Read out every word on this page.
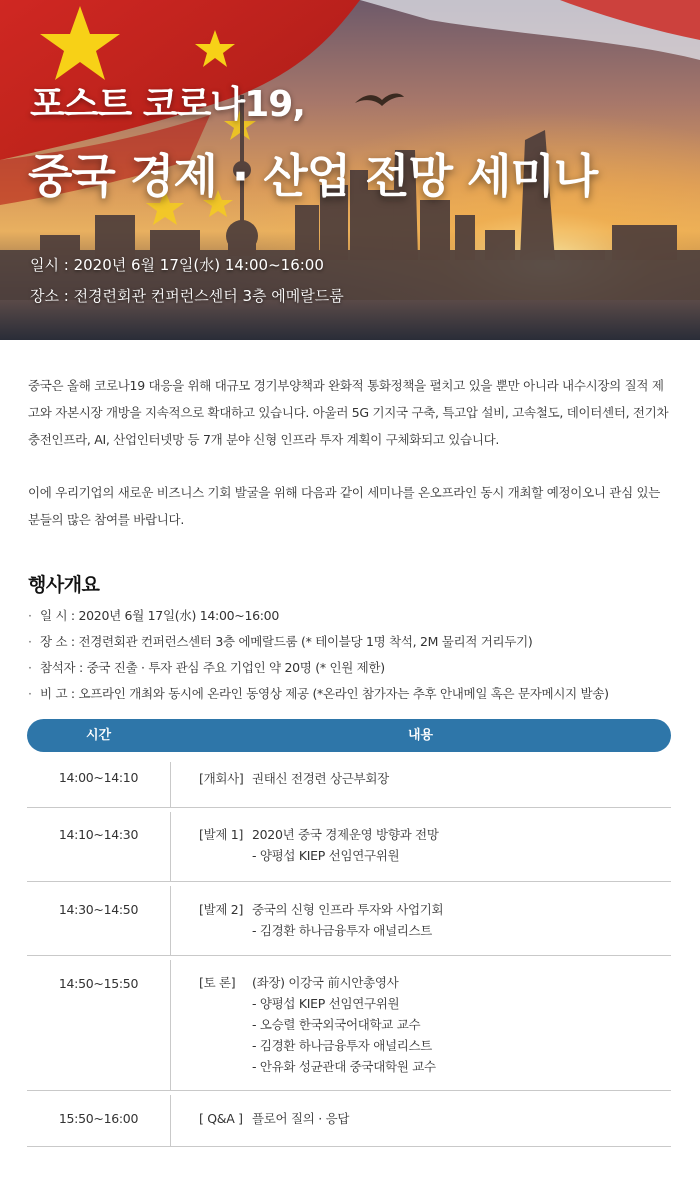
포스트 코로나19,
중국 경제 · 산업 전망 세미나
일시 : 2020년 6월 17일(水) 14:00~16:00
장소 : 전경련회관 컨퍼런스센터 3층 에메랄드룸
중국은 올해 코로나19 대응을 위해 대규모 경기부양책과 완화적 통화정책을 펼치고 있을 뿐만 아니라 내수시장의 질적 제고와 자본시장 개방을 지속적으로 확대하고 있습니다. 아울러 5G 기지국 구축, 특고압 설비, 고속철도, 데이터센터, 전기차 충전인프라, AI, 산업인터넷망 등 7개 분야 신형 인프라 투자 계획이 구체화되고 있습니다.
이에 우리기업의 새로운 비즈니스 기회 발굴을 위해 다음과 같이 세미나를 온오프라인 동시 개최할 예정이오니 관심 있는 분들의 많은 참여를 바랍니다.
행사개요
· 일 시 : 2020년 6월 17일(水) 14:00~16:00
· 장 소 : 전경련회관 컨퍼런스센터 3층 에메랄드룸 (* 테이블당 1명 착석, 2M 물리적 거리두기)
· 참석자 : 중국 진출 · 투자 관심 주요 기업인 약 20명 (* 인원 제한)
· 비 고 : 오프라인 개최와 동시에 온라인 동영상 제공 (*온라인 참가자는 추후 안내메일 혹은 문자메시지 발송)
시간	내용
14:00~14:10	[개회사] 권태신 전경련 상근부회장
14:10~14:30	[발제 1] 2020년 중국 경제운영 방향과 전망
- 양평섭 KIEP 선임연구위원
14:30~14:50	[발제 2] 중국의 신형 인프라 투자와 사업기회
- 김경환 하나금융투자 애널리스트
14:50~15:50	[토 론] (좌장) 이강국 前시안총영사
- 양평섭 KIEP 선임연구위원
- 오승렬 한국외국어대학교 교수
- 김경환 하나금융투자 애널리스트
- 안유화 성균관대 중국대학원 교수
15:50~16:00	[ Q&A ] 플로어 질의 · 응답
